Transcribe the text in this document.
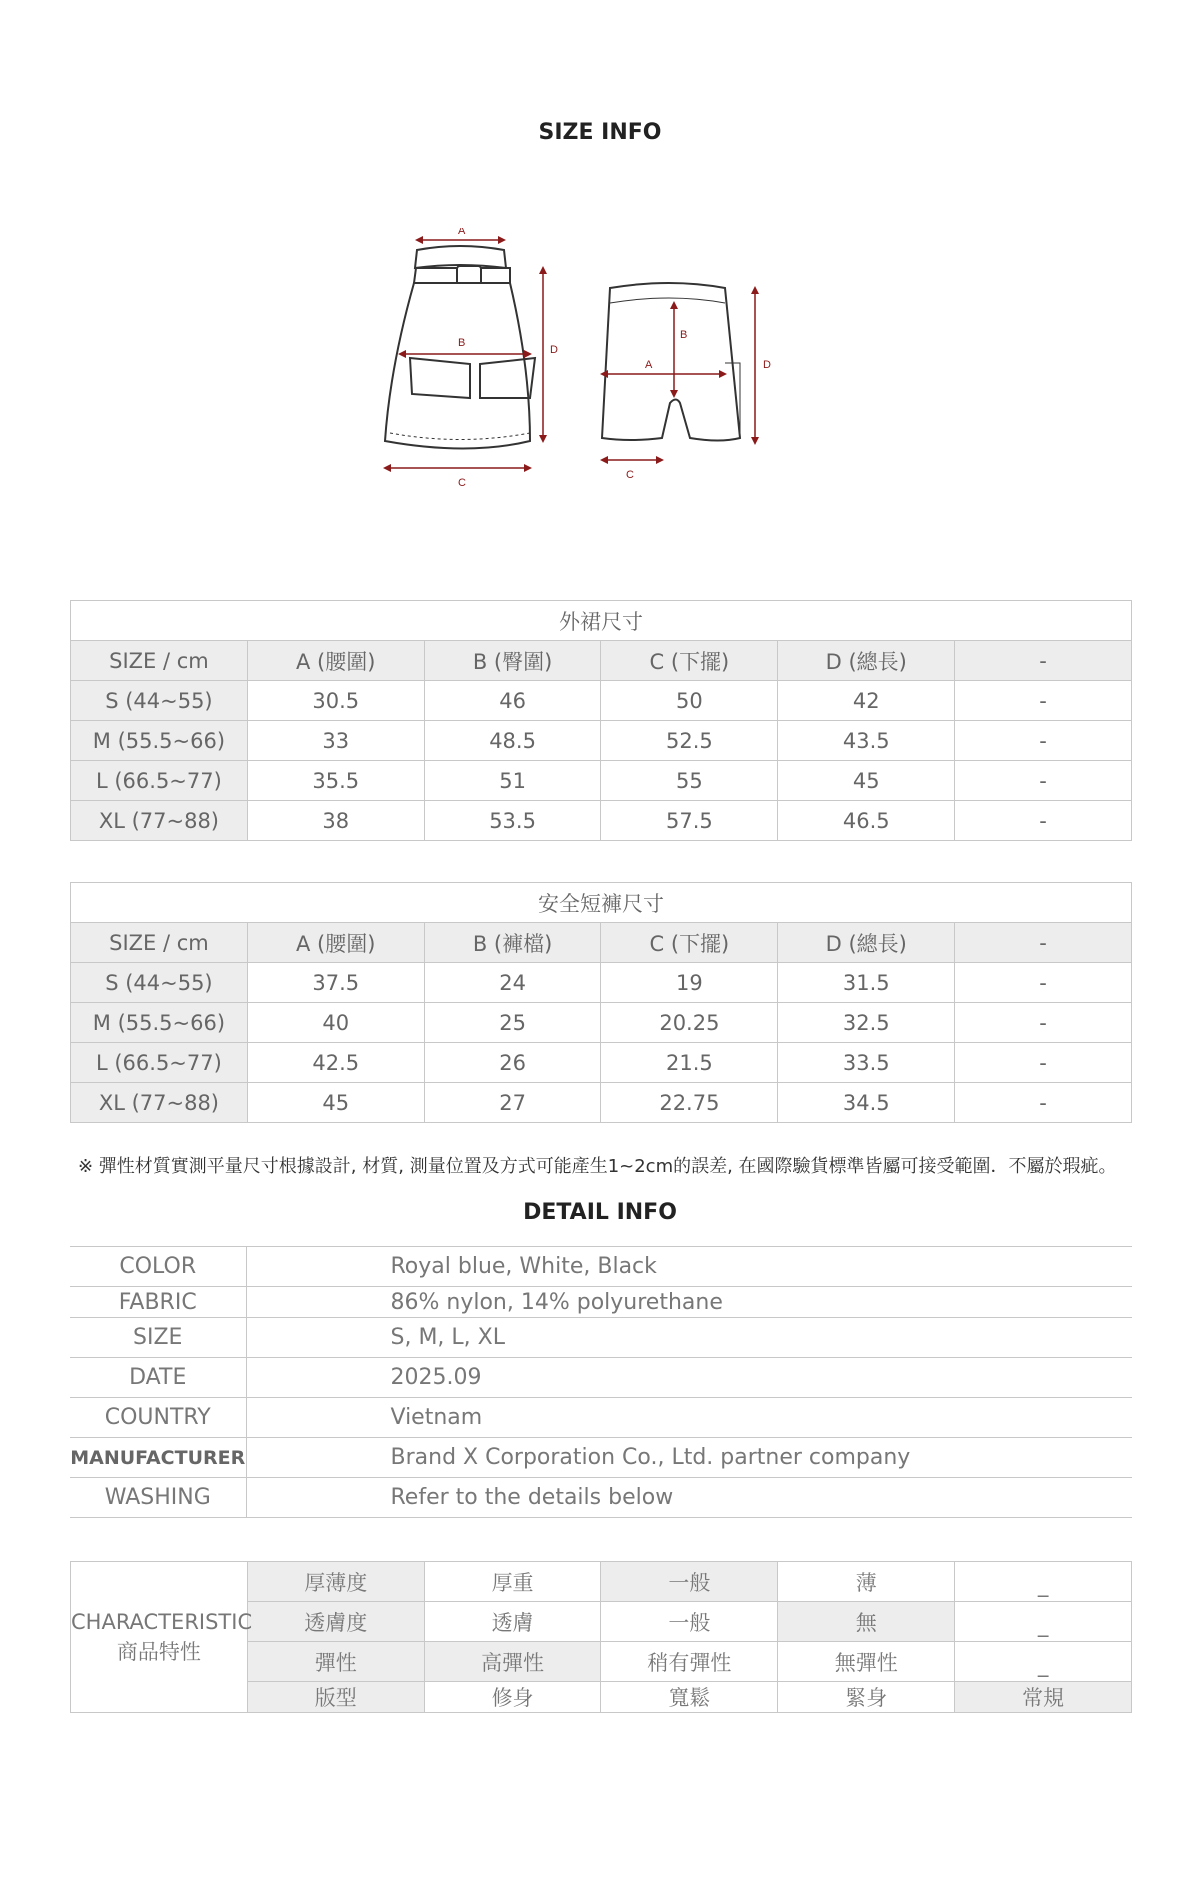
SIZE INFO
A
B
C
D
A
B
C
D
外裙尺寸					
SIZE / cm	A (腰圍)	B (臀圍)	C (下擺)	D (總長)	-
S (44~55)	30.5	46	50	42	-
M (55.5~66)	33	48.5	52.5	43.5	-
L (66.5~77)	35.5	51	55	45	-
XL (77~88)	38	53.5	57.5	46.5	-
安全短褲尺寸					
SIZE / cm	A (腰圍)	B (褲檔)	C (下擺)	D (總長)	-
S (44~55)	37.5	24	19	31.5	-
M (55.5~66)	40	25	20.25	32.5	-
L (66.5~77)	42.5	26	21.5	33.5	-
XL (77~88)	45	27	22.75	34.5	-
※ 彈性材質實測平量尺寸根據設計, 材質, 測量位置及方式可能產生1~2cm的誤差, 在國際驗貨標準皆屬可接受範圍．不屬於瑕疵。
DETAIL INFO
COLOR	Royal blue, White, Black
FABRIC	86% nylon, 14% polyurethane
SIZE	S, M, L, XL
DATE	2025.09
COUNTRY	Vietnam
MANUFACTURER	Brand X Corporation Co., Ltd. partner company
WASHING	Refer to the details below
CHARACTERISTIC
商品特性	厚薄度	厚重	一般	薄	_
	透膚度	透膚	一般	無	_
	彈性	高彈性	稍有彈性	無彈性	_
	版型	修身	寬鬆	緊身	常規
